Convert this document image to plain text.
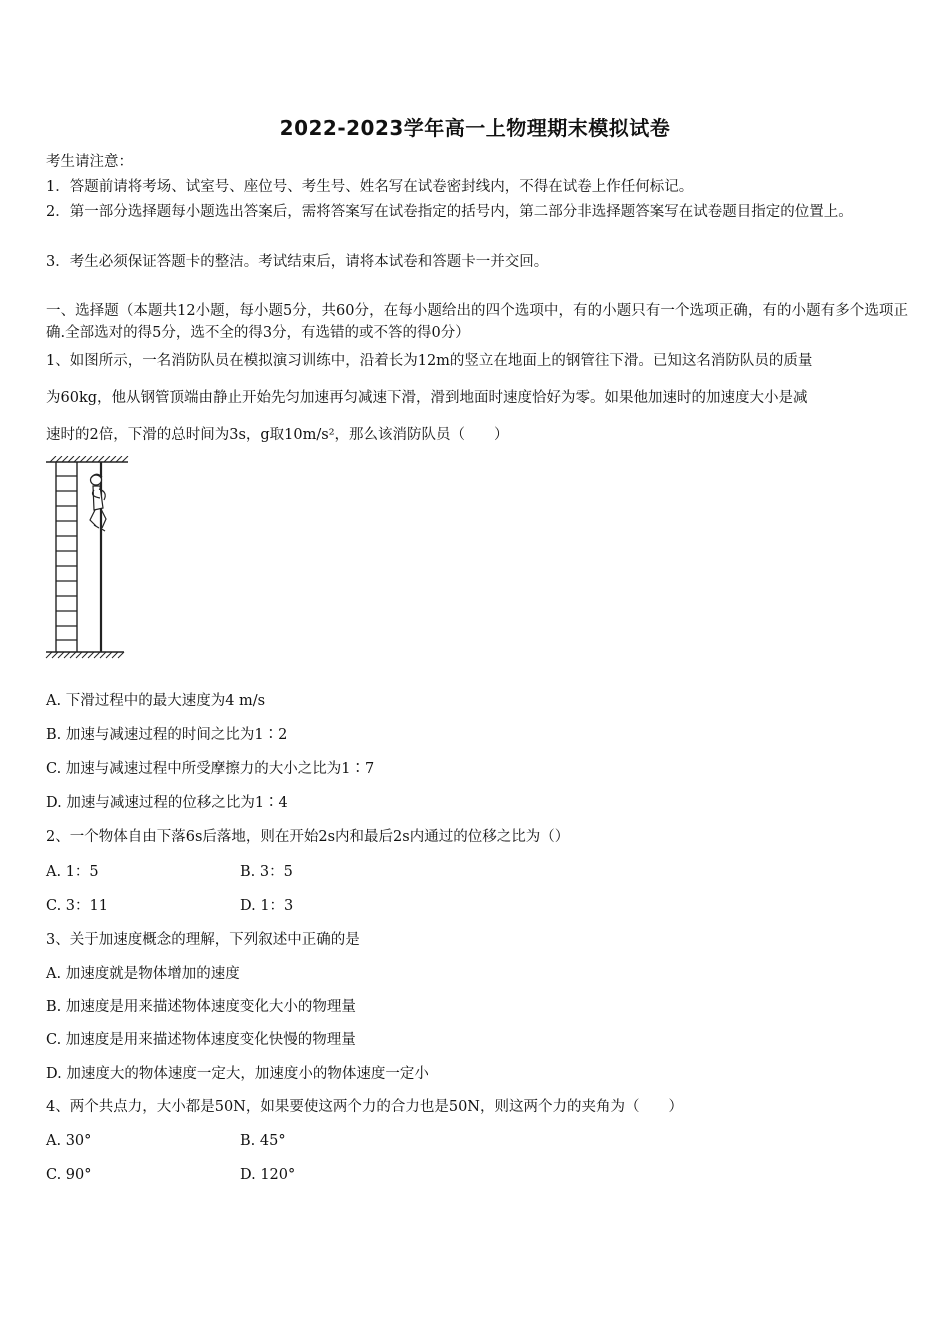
2022-2023学年高一上物理期末模拟试卷
考生请注意：
1．答题前请将考场、试室号、座位号、考生号、姓名写在试卷密封线内，不得在试卷上作任何标记。
2．第一部分选择题每小题选出答案后，需将答案写在试卷指定的括号内，第二部分非选择题答案写在试卷题目指定的位置上。
3．考生必须保证答题卡的整洁。考试结束后，请将本试卷和答题卡一并交回。
一、选择题（本题共12小题，每小题5分，共60分，在每小题给出的四个选项中，有的小题只有一个选项正确，有的小题有多个选项正确.全部选对的得5分，选不全的得3分，有选错的或不答的得0分）
1、如图所示，一名消防队员在模拟演习训练中，沿着长为12m的竖立在地面上的钢管往下滑。已知这名消防队员的质量
为60kg，他从钢管顶端由静止开始先匀加速再匀减速下滑，滑到地面时速度恰好为零。如果他加速时的加速度大小是减
速时的2倍，下滑的总时间为3s，g取10m/s²，那么该消防队员（　　）
A. 下滑过程中的最大速度为4 m/s
B. 加速与减速过程的时间之比为1∶2
C. 加速与减速过程中所受摩擦力的大小之比为1∶7
D. 加速与减速过程的位移之比为1∶4
2、一个物体自由下落6s后落地，则在开始2s内和最后2s内通过的位移之比为（）
A. 1：5	B. 3：5
C. 3：11	D. 1：3
3、关于加速度概念的理解，下列叙述中正确的是
A. 加速度就是物体增加的速度
B. 加速度是用来描述物体速度变化大小的物理量
C. 加速度是用来描述物体速度变化快慢的物理量
D. 加速度大的物体速度一定大，加速度小的物体速度一定小
4、两个共点力，大小都是50N，如果要使这两个力的合力也是50N，则这两个力的夹角为（　　）
A. 30°	B. 45°
C. 90°	D. 120°
